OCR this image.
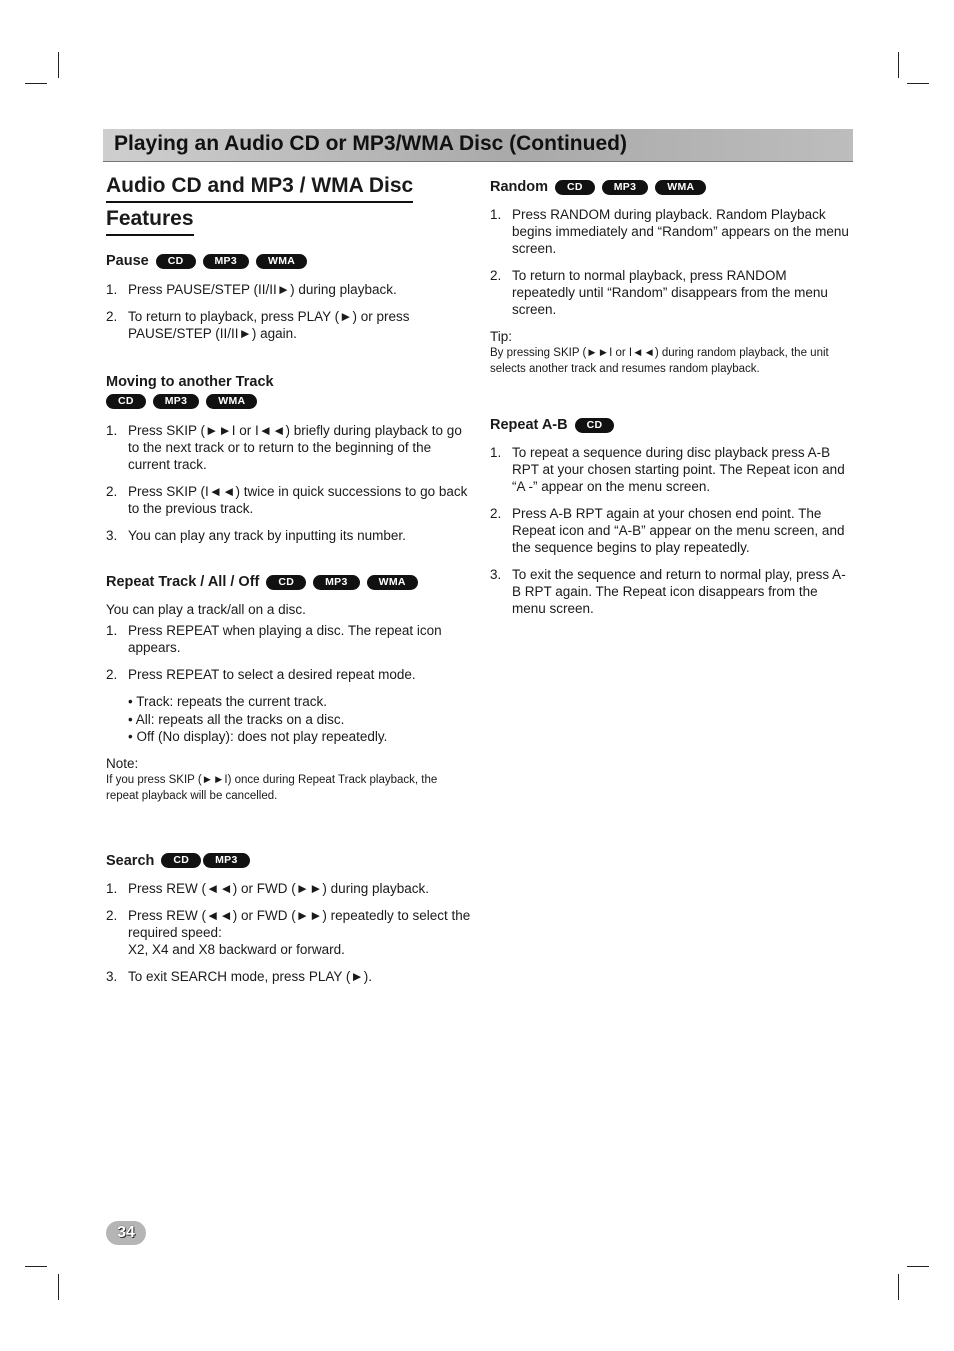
Playing an Audio CD or MP3/WMA Disc (Continued)
Audio CD and MP3 / WMA Disc
Features
Pause	CD	MP3	WMA
1. Press PAUSE/STEP (II/II►) during playback.
2. To return to playback, press PLAY (►) or press PAUSE/STEP (II/II►) again.
Moving to another Track
CD	MP3	WMA
1. Press SKIP (►►I or I◄◄) briefly during playback to go to the next track or to return to the beginning of the current track.
2. Press SKIP (I◄◄) twice in quick successions to go back to the previous track.
3. You can play any track by inputting its number.
Repeat Track / All / Off	CD	MP3	WMA

You can play a track/all on a disc.

1. Press REPEAT when playing a disc. The repeat icon appears.
2. Press REPEAT to select a desired repeat mode.
• Track: repeats the current track.
• All: repeats all the tracks on a disc.
• Off (No display): does not play repeatedly.

Note:

If you press SKIP (►►I) once during Repeat Track playback, the repeat playback will be cancelled.

Search	CD	MP3
1. Press REW (◄◄) or FWD (►►) during playback.
2. Press REW (◄◄) or FWD (►►) repeatedly to select the required speed:
X2, X4 and X8 backward or forward.
3. To exit SEARCH mode, press PLAY (►).
Random	CD	MP3	WMA
1. Press RANDOM during playback. Random Playback begins immediately and “Random” appears on the menu screen.
2. To return to normal playback, press RANDOM repeatedly until “Random” disappears from the menu screen.

Tip:

By pressing SKIP (►►I or I◄◄) during random playback, the unit selects another track and resumes random playback.

Repeat A-B	CD
1. To repeat a sequence during disc playback press A-B RPT at your chosen starting point. The Repeat icon and “A -” appear on the menu screen.
2. Press A-B RPT again at your chosen end point. The Repeat icon and “A-B” appear on the menu screen, and the sequence begins to play repeatedly.
3. To exit the sequence and return to normal play, press A-B RPT again. The Repeat icon disappears from the menu screen.
34
